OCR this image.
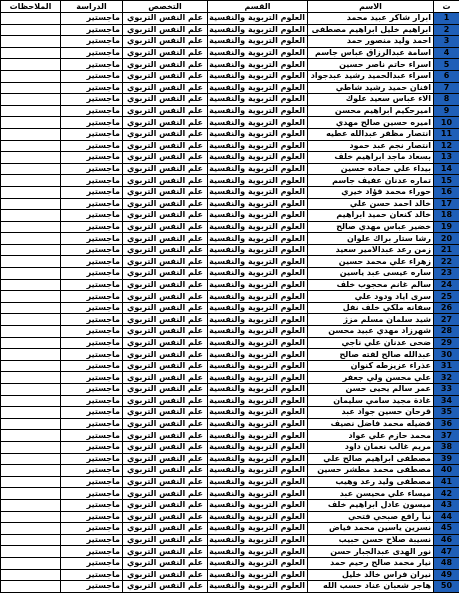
ت	الاسم	القسم	التخصص	الدراسة	الملاحظات
1	ابرار شاكر عبيد محمد	العلوم التربوية والنفسية	علم النفس التربوي	ماجستير	
2	ابراهيم خليل ابراهيم مصطفى	العلوم التربوية والنفسية	علم النفس التربوي	ماجستير	
3	احمد وليد منصور حمد	العلوم التربوية والنفسية	علم النفس التربوي	ماجستير	
4	اسامة عبدالرزاق عباس جاسم	العلوم التربوية والنفسية	علم النفس التربوي	ماجستير	
5	اسراء حاتم ناصر حسين	العلوم التربوية والنفسية	علم النفس التربوي	ماجستير	
6	اسراء عبدالحميد رشيد عبدجواد	العلوم التربوية والنفسية	علم النفس التربوي	ماجستير	
7	افنان حميد رشيد شاطي	العلوم التربوية والنفسية	علم النفس التربوي	ماجستير	
8	الاء عباس سعيد علوك	العلوم التربوية والنفسية	علم النفس التربوي	ماجستير	
9	اميرحكيم ابراهيم محسن	العلوم التربوية والنفسية	علم النفس التربوي	ماجستير	
10	اميره حسين صالح مهدي	العلوم التربوية والنفسية	علم النفس التربوي	ماجستير	
11	انتصار مظفر عبدالله عطيه	العلوم التربوية والنفسية	علم النفس التربوي	ماجستير	
12	انتصار نجم عبد حمود	العلوم التربوية والنفسية	علم النفس التربوي	ماجستير	
13	بسعاد ماجد ابراهيم خلف	العلوم التربوية والنفسية	علم النفس التربوي	ماجستير	
14	بيداء علي حماده حسين	العلوم التربوية والنفسية	علم النفس التربوي	ماجستير	
15	تماره عدنان عفيف جاسم	العلوم التربوية والنفسية	علم النفس التربوي	ماجستير	
16	حوراء محمد فؤاد خيري	العلوم التربوية والنفسية	علم النفس التربوي	ماجستير	
17	خالد احمد حسن علي	العلوم التربوية والنفسية	علم النفس التربوي	ماجستير	
18	خالد كنعان حميد ابراهيم	العلوم التربوية والنفسية	علم النفس التربوي	ماجستير	
19	خضير عباس مهدي صالح	العلوم التربوية والنفسية	علم النفس التربوي	ماجستير	
20	رشا ستار براك علوان	العلوم التربوية والنفسية	علم النفس التربوي	ماجستير	
21	زمن رعد عبدالامير سعيد	العلوم التربوية والنفسية	علم النفس التربوي	ماجستير	
22	زهراء علي محمد حسين	العلوم التربوية والنفسية	علم النفس التربوي	ماجستير	
23	ساره عيسى عبد ياسين	العلوم التربوية والنفسية	علم النفس التربوي	ماجستير	
24	سالم غانم محجوب خلف	العلوم التربوية والنفسية	علم النفس التربوي	ماجستير	
25	سرى اياد ودود علي	العلوم التربوية والنفسية	علم النفس التربوي	ماجستير	
26	سفانه ملكي خلف نفل	العلوم التربوية والنفسية	علم النفس التربوي	ماجستير	
27	شيد سلمان مسلم مزژ	العلوم التربوية والنفسية	علم النفس التربوي	ماجستير	
28	شهرزاد مهدي عبيد محسن	العلوم التربوية والنفسية	علم النفس التربوي	ماجستير	
29	ضحى عدنان علي ناجي	العلوم التربوية والنفسية	علم النفس التربوي	ماجستير	
30	عبدالله صالح لفته صالح	العلوم التربوية والنفسية	علم النفس التربوي	ماجستير	
31	عذراء عزيزطه كنوان	العلوم التربوية والنفسية	علم النفس التربوي	ماجستير	
32	علي محسن ولي جعفر	العلوم التربوية والنفسية	علم النفس التربوي	ماجستير	
33	عمر سالم يحيى حسن	العلوم التربوية والنفسية	علم النفس التربوي	ماجستير	
34	غادة مجيد سامي سليمان	العلوم التربوية والنفسية	علم النفس التربوي	ماجستير	
35	قرحان حسين جواد عبد	العلوم التربوية والنفسية	علم النفس التربوي	ماجستير	
36	فضيله محمد فاضل نصيف	العلوم التربوية والنفسية	علم النفس التربوي	ماجستير	
37	محمد حازم علي عواد	العلوم التربوية والنفسية	علم النفس التربوي	ماجستير	
38	مريم غالب نعمان داود	العلوم التربوية والنفسية	علم النفس التربوي	ماجستير	
39	مصطفى ابراهيم صالح علي	العلوم التربوية والنفسية	علم النفس التربوي	ماجستير	
40	مصطفى محمد مطشر حسين	العلوم التربوية والنفسية	علم النفس التربوي	ماجستير	
41	مصطفى وليد رعد وهيب	العلوم التربوية والنفسية	علم النفس التربوي	ماجستير	
42	ميساء علي محيسن عبد	العلوم التربوية والنفسية	علم النفس التربوي	ماجستير	
43	ميسون عادل ابراهيم خلف	العلوم التربوية والنفسية	علم النفس التربوي	ماجستير	
44	نبأ رافع صبحي فتحي	العلوم التربوية والنفسية	علم النفس التربوي	ماجستير	
45	نسرين ياسين محمد فياض	العلوم التربوية والنفسية	علم النفس التربوي	ماجستير	
46	نسيبة صلاح حسن حبيب	العلوم التربوية والنفسية	علم النفس التربوي	ماجستير	
47	نور الهدى عبدالجبار حسن	العلوم التربوية والنفسية	علم النفس التربوي	ماجستير	
48	نيار محمد صالح رحيم حمد	العلوم التربوية والنفسية	علم النفس التربوي	ماجستير	
49	نيران فراس خالد خليل	العلوم التربوية والنفسية	علم النفس التربوي	ماجستير	
50	هاجر شعبان عناد حسب الله	العلوم التربوية والنفسية	علم النفس التربوي	ماجستير	
